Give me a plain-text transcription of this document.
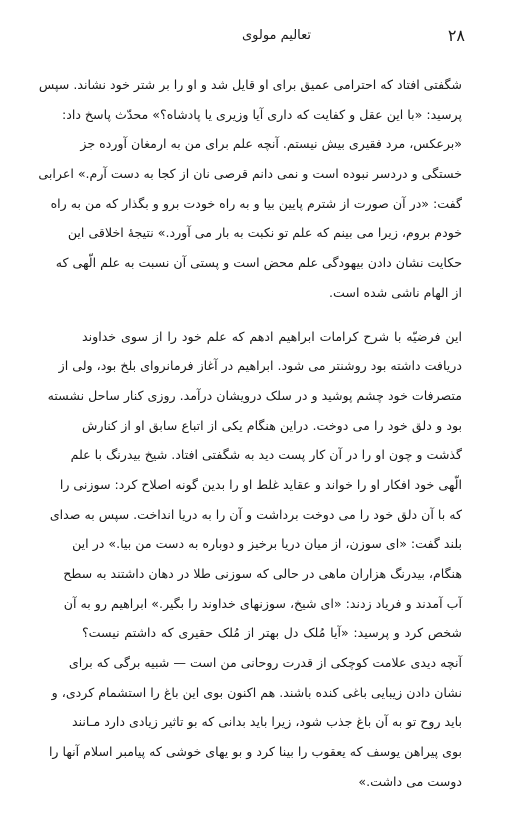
۲۸
تعالیم مولوی
شگفتی افتاد که احترامی عمیق برای او قایل شد و او را بر شتر خود نشاند. سپس
پرسید: «با این عقل و کفایت که داری آیا وزیری یا پادشاه؟» محدّث پاسخ داد:
«برعکس، مرد فقیری بیش نیستم. آنچه علم برای من به ارمغان آورده جز
خستگی و دردسر نبوده است و نمی دانم قرصی نان از کجا به دست آرم.» اعرابی
گفت: «در آن صورت از شترم پایین بیا و به راه خودت برو و بگذار که من به راه
خودم بروم، زیرا می بینم که علم تو نکبت به بار می آورد.» نتیجهٔ اخلاقی این
حکایت نشان دادن بیهودگی علم محض است و پستی آن نسبت به علم الّهی که
از الهام ناشی شده است.
این فرضیّه با شرح کرامات ابراهیم ادهم که علم خود را از سوی خداوند
دریافت داشته بود روشنتر می شود. ابراهیم در آغاز فرمانروای بلخ بود، ولی از
متصرفات خود چشم پوشید و در سلک درویشان درآمد. روزی کنار ساحل نشسته
بود و دلق خود را می دوخت. دراین هنگام یکی از اتباع سابق او از کنارش
گذشت و چون او را در آن کار پست دید به شگفتی افتاد. شیخ بیدرنگ با علم
الّهی خود افکار او را خواند و عقاید غلط او را بدین گونه اصلاح کرد: سوزنی را
که با آن دلق خود را می دوخت برداشت و آن را به دریا انداخت. سپس به صدای
بلند گفت: «ای سوزن، از میان دریا برخیز و دوباره به دست من بیا.» در این
هنگام، بیدرنگ هزاران ماهی در حالی که سوزنی طلا در دهان داشتند به سطح
آب آمدند و فریاد زدند: «ای شیخ، سوزنهای خداوند را بگیر.» ابراهیم رو به آن
شخص کرد و پرسید: «آیا مُلک دل بهتر از مُلک حقیری که داشتم نیست؟
آنچه دیدی علامت کوچکی از قدرت روحانی من است — شبیه برگی که برای
نشان دادن زیبایی باغی کنده باشند. هم اکنون بوی این باغ را استشمام کردی، و
باید روح تو به آن باغ جذب شود، زیرا باید بدانی که بو تاثیر زیادی دارد مـانند
بوی پیراهن یوسف که یعقوب را بینا کرد و بو یهای خوشی که پیامبر اسلام آنها را
دوست می داشت.»
